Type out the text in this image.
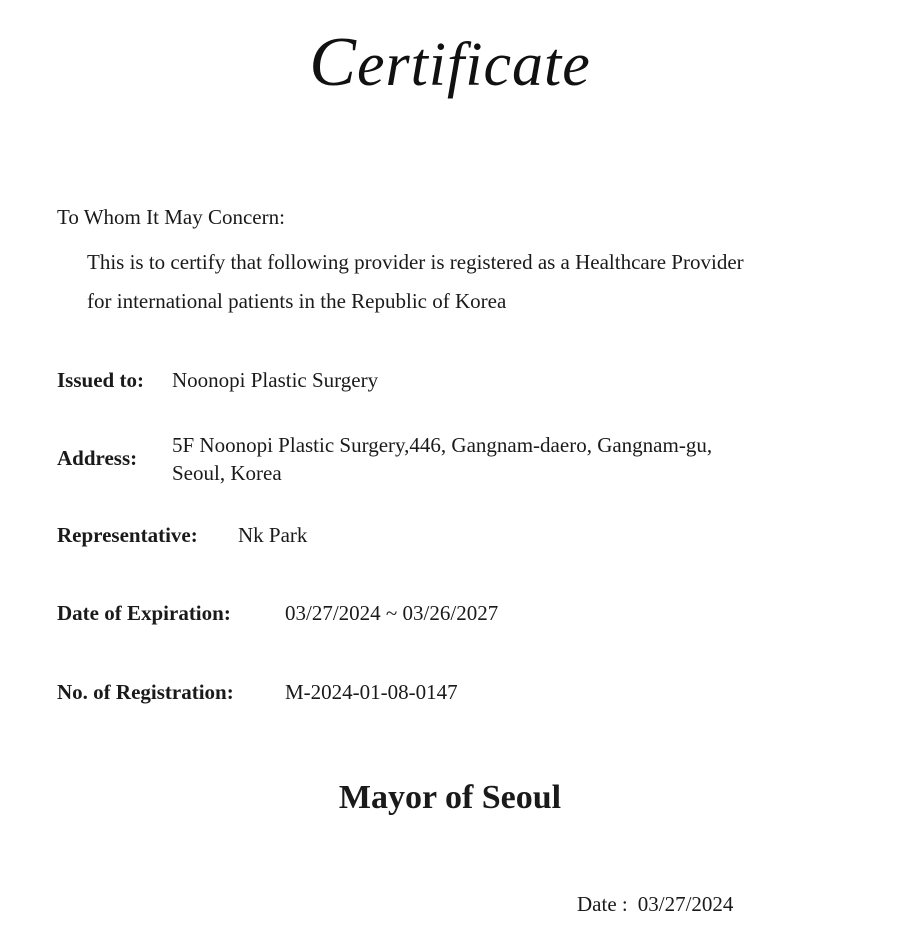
Certificate
To Whom It May Concern:
This is to certify that following provider is registered as a Healthcare Provider
for international patients in the Republic of Korea
Issued to: Noonopi Plastic Surgery
Address:
5F Noonopi Plastic Surgery,446, Gangnam-daero, Gangnam-gu,
Seoul, Korea
Representative: Nk Park
Date of Expiration:	03/27/2024 ~ 03/26/2027
No. of Registration: M-2024-01-08-0147
Mayor of Seoul
Date : 03/27/2024
